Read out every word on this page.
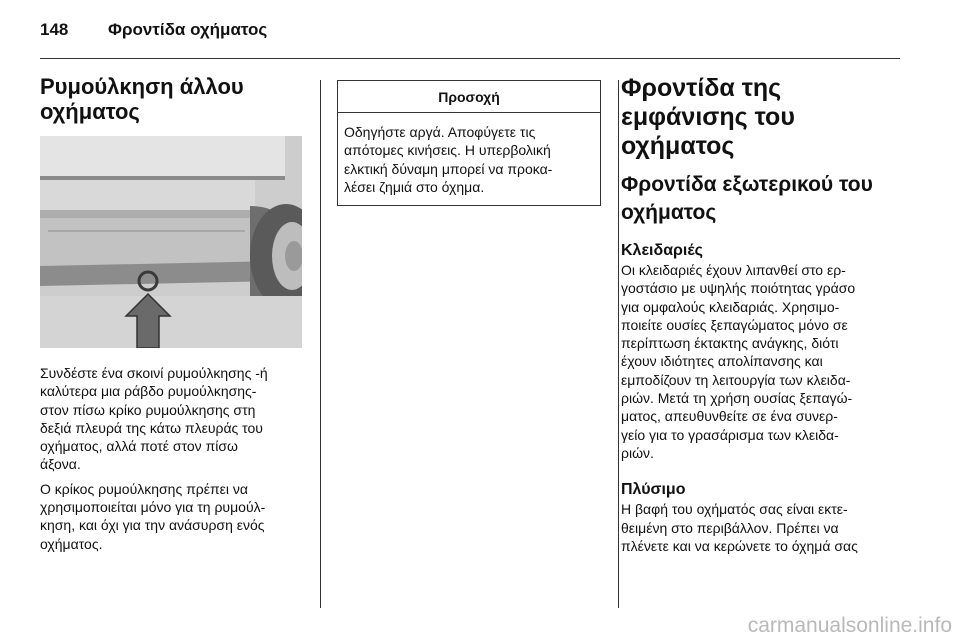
148 Φροντίδα οχήματος
Ρυμούλκηση άλλου
οχήματος

Συνδέστε ένα σκοινί ρυμούλκησης -ή
καλύτερα μια ράβδο ρυμούλκησης-
στον πίσω κρίκο ρυμούλκησης στη
δεξιά πλευρά της κάτω πλευράς του
οχήματος, αλλά ποτέ στον πίσω
άξονα.

Ο κρίκος ρυμούλκησης πρέπει να
χρησιμοποιείται μόνο για τη ρυμούλ-
κηση, και όχι για την ανάσυρση ενός
οχήματος.

Προσοχή
Οδηγήστε αργά. Αποφύγετε τις
απότομες κινήσεις. Η υπερβολική
ελκτική δύναμη μπορεί να προκα-
λέσει ζημιά στο όχημα.
Φροντίδα της
εμφάνισης του
οχήματος
Φροντίδα εξωτερικού του
οχήματος
Κλειδαριές

Οι κλειδαριές έχουν λιπανθεί στο ερ-
γοστάσιο με υψηλής ποιότητας γράσο
για ομφαλούς κλειδαριάς. Χρησιμο-
ποιείτε ουσίες ξεπαγώματος μόνο σε
περίπτωση έκτακτης ανάγκης, διότι
έχουν ιδιότητες απολίπανσης και
εμποδίζουν τη λειτουργία των κλειδα-
ριών. Μετά τη χρήση ουσίας ξεπαγώ-
ματος, απευθυνθείτε σε ένα συνερ-
γείο για το γρασάρισμα των κλειδα-
ριών.

Πλύσιμο

Η βαφή του οχήματός σας είναι εκτε-
θειμένη στο περιβάλλον. Πρέπει να
πλένετε και να κερώνετε το όχημά σας

carmanualsonline.info
